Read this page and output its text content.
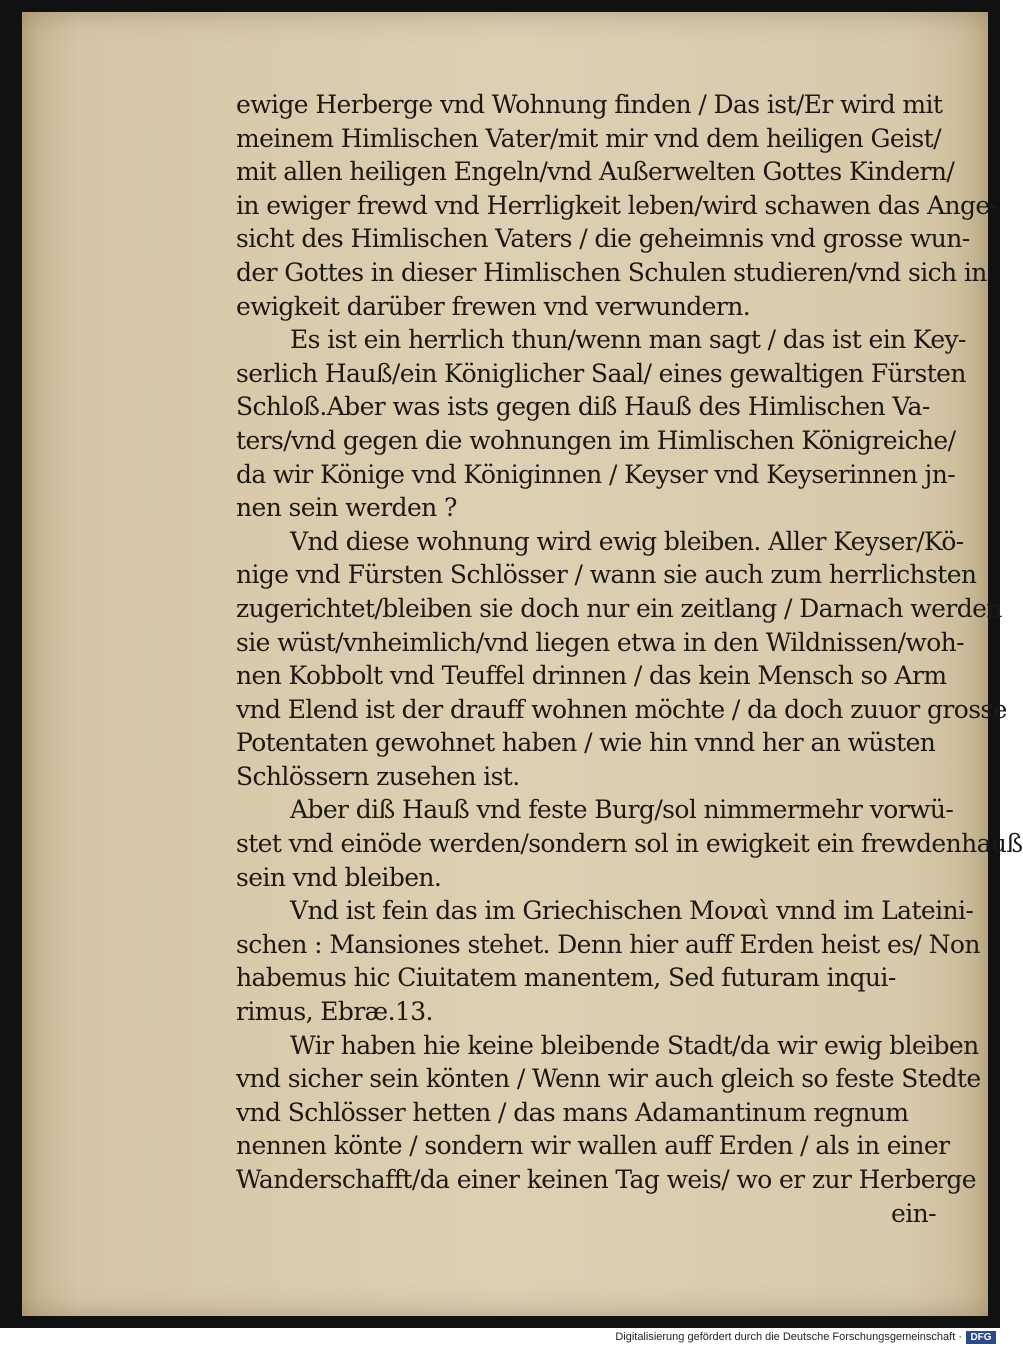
ewige Herberge vnd Wohnung finden / Das ist/Er wird mit
meinem Himlischen Vater/mit mir vnd dem heiligen Geist/
mit allen heiligen Engeln/vnd Außerwelten Gottes Kindern/
in ewiger frewd vnd Herrligkeit leben/wird schawen das Ange-
sicht des Himlischen Vaters / die geheimnis vnd grosse wun-
der Gottes in dieser Himlischen Schulen studieren/vnd sich in
ewigkeit darüber frewen vnd verwundern.
Es ist ein herrlich thun/wenn man sagt / das ist ein Key-
serlich Hauß/ein Königlicher Saal/ eines gewaltigen Fürsten
Schloß.Aber was ists gegen diß Hauß des Himlischen Va-
ters/vnd gegen die wohnungen im Himlischen Königreiche/
da wir Könige vnd Königinnen / Keyser vnd Keyserinnen jn-
nen sein werden ?
Vnd diese wohnung wird ewig bleiben. Aller Keyser/Kö-
nige vnd Fürsten Schlösser / wann sie auch zum herrlichsten
zugerichtet/bleiben sie doch nur ein zeitlang / Darnach werden
sie wüst/vnheimlich/vnd liegen etwa in den Wildnissen/woh-
nen Kobbolt vnd Teuffel drinnen / das kein Mensch so Arm
vnd Elend ist der drauff wohnen möchte / da doch zuuor grosse
Potentaten gewohnet haben / wie hin vnnd her an wüsten
Schlössern zusehen ist.
Aber diß Hauß vnd feste Burg/sol nimmermehr vorwü-
stet vnd einöde werden/sondern sol in ewigkeit ein frewdenhauß
sein vnd bleiben.
Vnd ist fein das im Griechischen Μοναὶ vnnd im Lateini-
schen : Mansiones stehet. Denn hier auff Erden heist es/ Non
habemus hic Ciuitatem manentem, Sed futuram inqui-
rimus, Ebræ.13.
Wir haben hie keine bleibende Stadt/da wir ewig bleiben
vnd sicher sein könten / Wenn wir auch gleich so feste Stedte
vnd Schlösser hetten / das mans Adamantinum regnum
nennen könte / sondern wir wallen auff Erden / als in einer
Wanderschafft/da einer keinen Tag weis/ wo er zur Herberge
ein-
Digitalisierung gefördert durch die Deutsche Forschungsgemeinschaft · DFG
